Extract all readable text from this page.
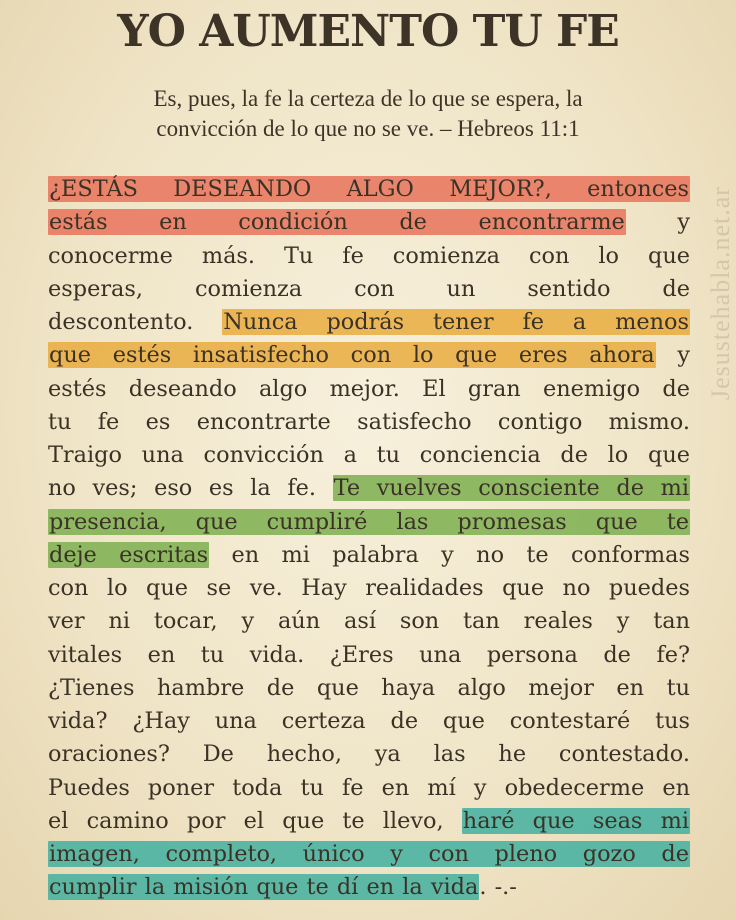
YO AUMENTO TU FE
Es, pues, la fe la certeza de lo que se espera, la
convicción de lo que no se ve. – Hebreos 11:1
¿ESTÁS DESEANDO ALGO MEJOR?, entonces
estás en condición de encontrarme y
conocerme más. Tu fe comienza con lo que
esperas, comienza con un sentido de
descontento. Nunca podrás tener fe a menos
que estés insatisfecho con lo que eres ahora y
estés deseando algo mejor. El gran enemigo de
tu fe es encontrarte satisfecho contigo mismo.
Traigo una convicción a tu conciencia de lo que
no ves; eso es la fe. Te vuelves consciente de mi
presencia, que cumpliré las promesas que te
deje escritas en mi palabra y no te conformas
con lo que se ve. Hay realidades que no puedes
ver ni tocar, y aún así son tan reales y tan
vitales en tu vida. ¿Eres una persona de fe?
¿Tienes hambre de que haya algo mejor en tu
vida? ¿Hay una certeza de que contestaré tus
oraciones? De hecho, ya las he contestado.
Puedes poner toda tu fe en mí y obedecerme en
el camino por el que te llevo, haré que seas mi
imagen, completo, único y con pleno gozo de
cumplir la misión que te dí en la vida. -.-
Jesustehabla.net.ar
